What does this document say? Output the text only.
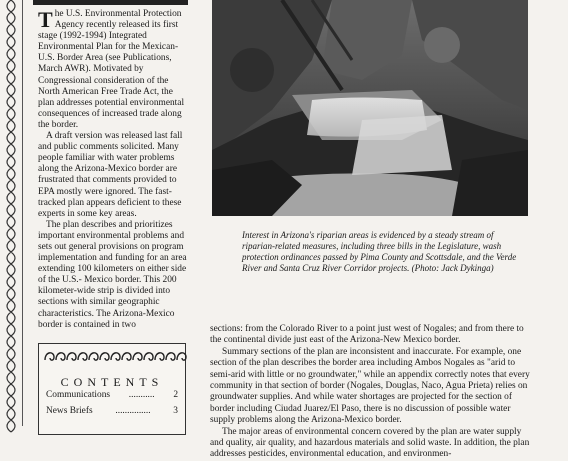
The U.S. Environmental Protection Agency recently released its first stage (1992-1994) Integrated Environmental Plan for the Mexican-U.S. Border Area (see Publications, March AWR). Motivated by Congressional consideration of the North American Free Trade Act, the plan addresses potential environmental consequences of increased trade along the border.

A draft version was released last fall and public comments solicited. Many people familiar with water problems along the Arizona-Mexico border are frustrated that comments provided to EPA mostly were ignored. The fast-tracked plan appears deficient to these experts in some key areas.

The plan describes and prioritizes important environmental problems and sets out general provisions on program implementation and funding for an area extending 100 kilometers on either side of the U.S.- Mexico border. This 200 kilometer-wide strip is divided into sections with similar geographic characteristics. The Arizona-Mexico border is contained in two

Interest in Arizona's riparian areas is evidenced by a steady stream of riparian-related measures, including three bills in the Legislature, wash protection ordinances passed by Pima County and Scottsdale, and the Verde River and Santa Cruz River Corridor projects. (Photo: Jack Dykinga)

sections: from the Colorado River to a point just west of Nogales; and from there to the continental divide just east of the Arizona-New Mexico border.

Summary sections of the plan are inconsistent and inaccurate. For example, one section of the plan describes the border area including Ambos Nogales as "arid to semi-arid with little or no groundwater," while an appendix correctly notes that every community in that section of border (Nogales, Douglas, Naco, Agua Prieta) relies on groundwater supplies. And while water shortages are projected for the section of border including Ciudad Juarez/El Paso, there is no discussion of possible water supply problems along the Arizona-Mexico border.

The major areas of environmental concern covered by the plan are water supply and quality, air quality, and hazardous materials and solid waste. In addition, the plan addresses pesticides, environmental education, and environmen-

CONTENTS
Communications ........... 2
News Briefs ............... 3
